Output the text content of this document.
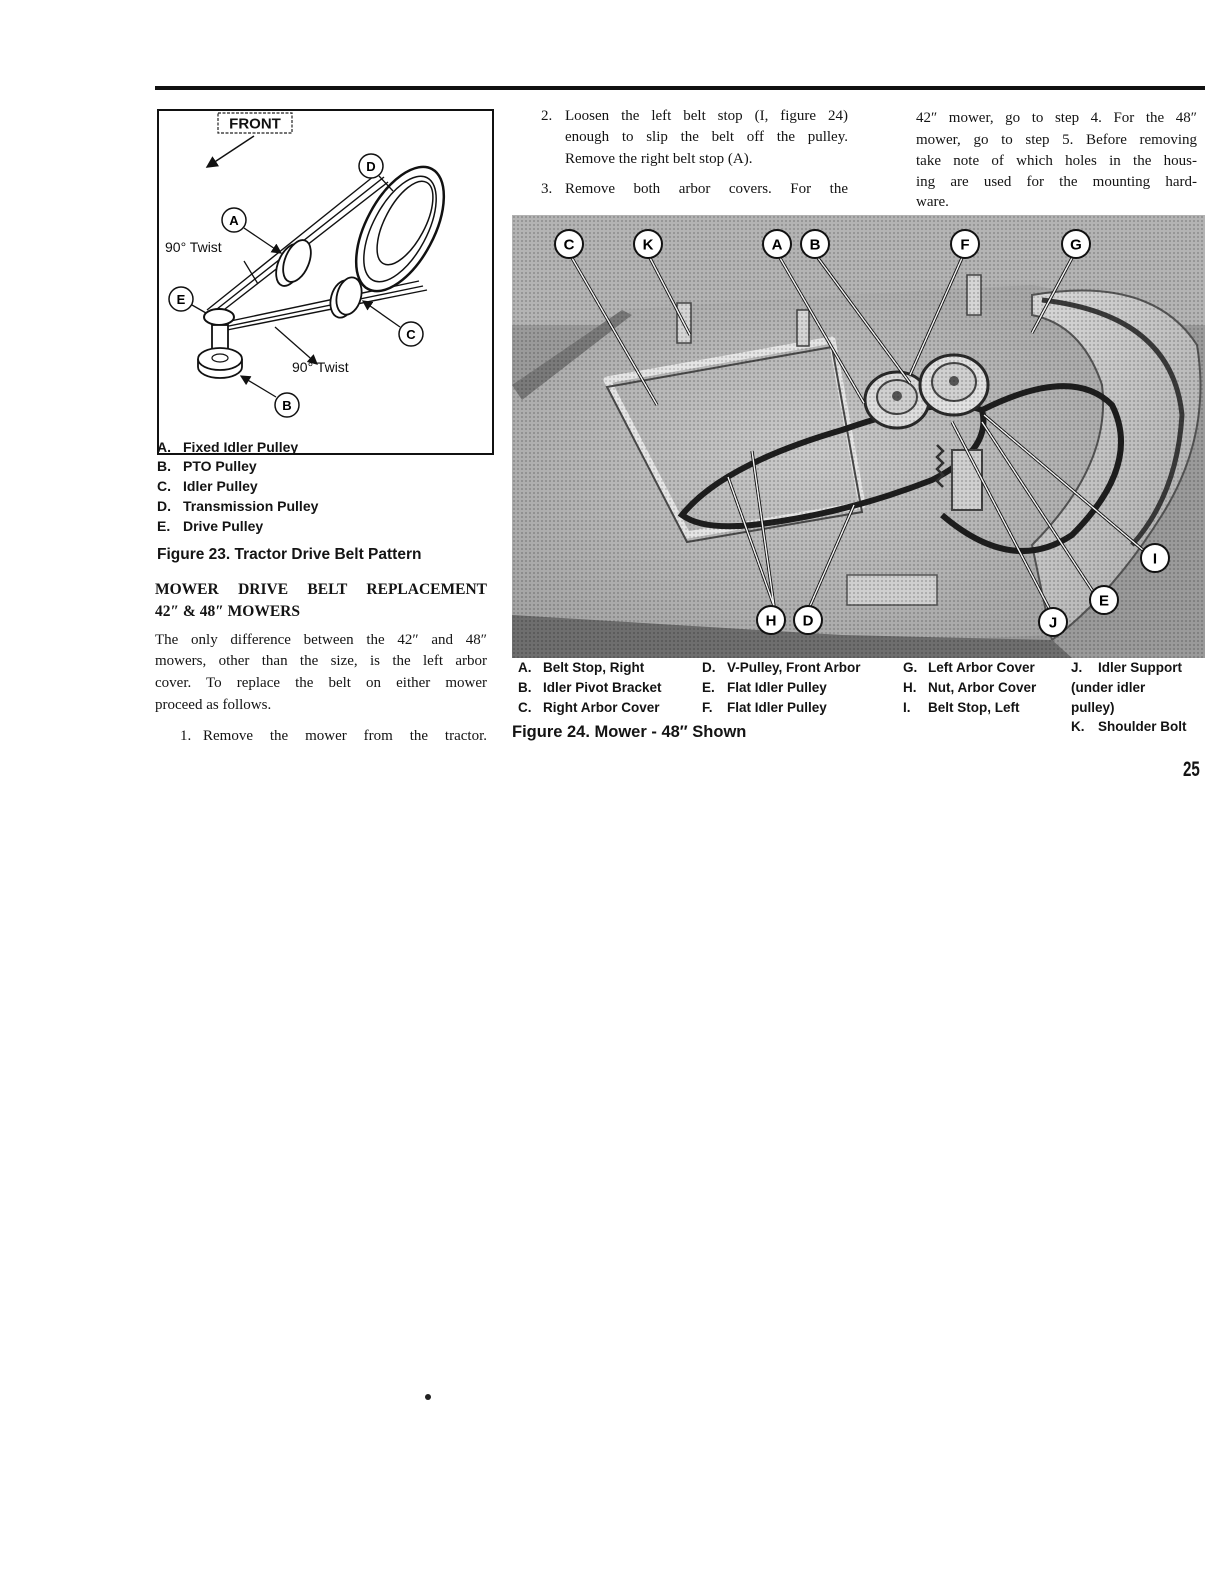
FRONT
D
A
90° Twist
E
C
90° Twist
B
A. Fixed Idler Pulley
B. PTO Pulley
C. Idler Pulley
D. Transmission Pulley
E. Drive Pulley
Figure 23. Tractor Drive Belt Pattern
MOWER DRIVE BELT REPLACEMENT
42″ & 48″ MOWERS
The only difference between the 42″ and 48″
mowers, other than the size, is the left arbor
cover. To replace the belt on either mower
proceed as follows.
1. Remove the mower from the tractor.
2. Loosen the left belt stop (I, figure 24)
enough to slip the belt off the pulley.
Remove the right belt stop (A).
3. Remove both arbor covers. For the
42″ mower, go to step 4. For the 48″
mower, go to step 5. Before removing
take note of which holes in the hous-
ing are used for the mounting hard-
ware.
C	K	A B	F	G
I
E
J
H D
A. Belt Stop, Right
B. Idler Pivot Bracket
C. Right Arbor Cover
D. V-Pulley, Front Arbor
E. Flat Idler Pulley
F.	Flat Idler Pulley
G. Left Arbor Cover
H. Nut, Arbor Cover
I.	Belt Stop, Left
J.	Idler Support
(under idler
pulley)
K.	Shoulder Bolt
Figure 24. Mower - 48″ Shown
25
